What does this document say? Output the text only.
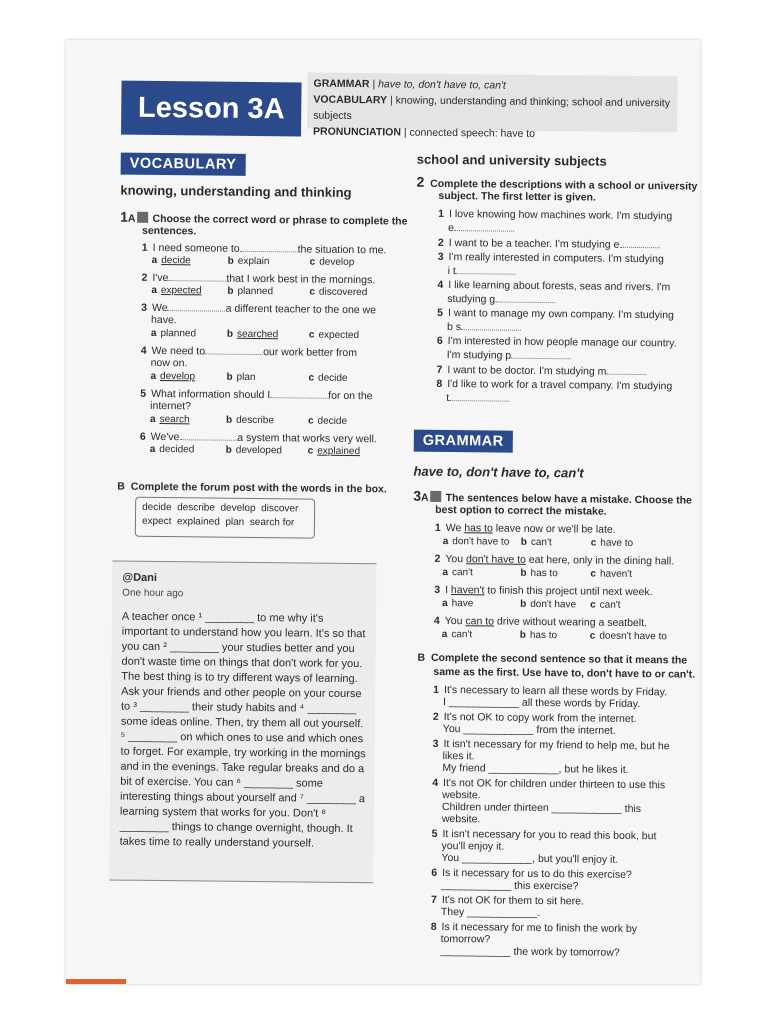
Lesson 3A
GRAMMAR | have to, don't have to, can't
VOCABULARY | knowing, understanding and thinking; school and university subjects
PRONUNCIATION | connected speech: have to
VOCABULARY
knowing, understanding and thinking
1A Choose the correct word or phrase to complete the
sentences.
1 I need someone to	the situation to me.
a decide	b explain	c develop
2 I've	that I work best in the mornings.
a expected	b planned	c discovered
3 We	a different teacher to the one we
have.
a planned	b searched	c expected
4 We need to	our work better from
now on.
a develop	b plan	c decide
5 What information should I	for on the
internet?
a search	b describe	c decide
6 We've	a system that works very well.
a decided	b developed	c explained
B Complete the forum post with the words in the box.
decide describe develop discover
expect explained plan search for
@Dani
One hour ago

A teacher once ¹ ________ to me why it's important to understand how you learn. It's so that you can ² ________ your studies better and you don't waste time on things that don't work for you. The best thing is to try different ways of learning. Ask your friends and other people on your course to ³ ________ their study habits and ⁴ ________ some ideas online. Then, try them all out yourself.

⁵ ________ on which ones to use and which ones to forget. For example, try working in the mornings and in the evenings. Take regular breaks and do a bit of exercise. You can ⁶ ________ some interesting things about yourself and ⁷ ________ a learning system that works for you. Don't ⁸ ________ things to change overnight, though. It takes time to really understand yourself.

school and university subjects
2 Complete the descriptions with a school or university
subject. The first letter is given.
1 I love knowing how machines work. I'm studying
e
2 I want to be a teacher. I'm studying e
3 I'm really interested in computers. I'm studying
i t
4 I like learning about forests, seas and rivers. I'm
studying g
5 I want to manage my own company. I'm studying
b s
6 I'm interested in how people manage our country.
I'm studying p
7 I want to be doctor. I'm studying m
8 I'd like to work for a travel company. I'm studying
t
GRAMMAR
have to, don't have to, can't
3A The sentences below have a mistake. Choose the
best option to correct the mistake.
1 We has to leave now or we'll be late.
a don't have to b can't	c have to
2 You don't have to eat here, only in the dining hall.
a can't	b has to	c haven't
3 I haven't to finish this project until next week.
a have	b don't have c can't
4 You can to drive without wearing a seatbelt.
a can't	b has to	c doesn't have to
B Complete the second sentence so that it means the
same as the first. Use have to, don't have to or can't.
1 It's necessary to learn all these words by Friday.
I ____________ all these words by Friday.
2 It's not OK to copy work from the internet.
You ____________ from the internet.
3 It isn't necessary for my friend to help me, but he
likes it.
My friend ____________, but he likes it.
4 It's not OK for children under thirteen to use this
website.
Children under thirteen ____________ this
website.
5 It isn't necessary for you to read this book, but
you'll enjoy it.
You ____________, but you'll enjoy it.
6 Is it necessary for us to do this exercise?
____________ this exercise?
7 It's not OK for them to sit here.
They ____________.
8 Is it necessary for me to finish the work by
tomorrow?
____________ the work by tomorrow?
